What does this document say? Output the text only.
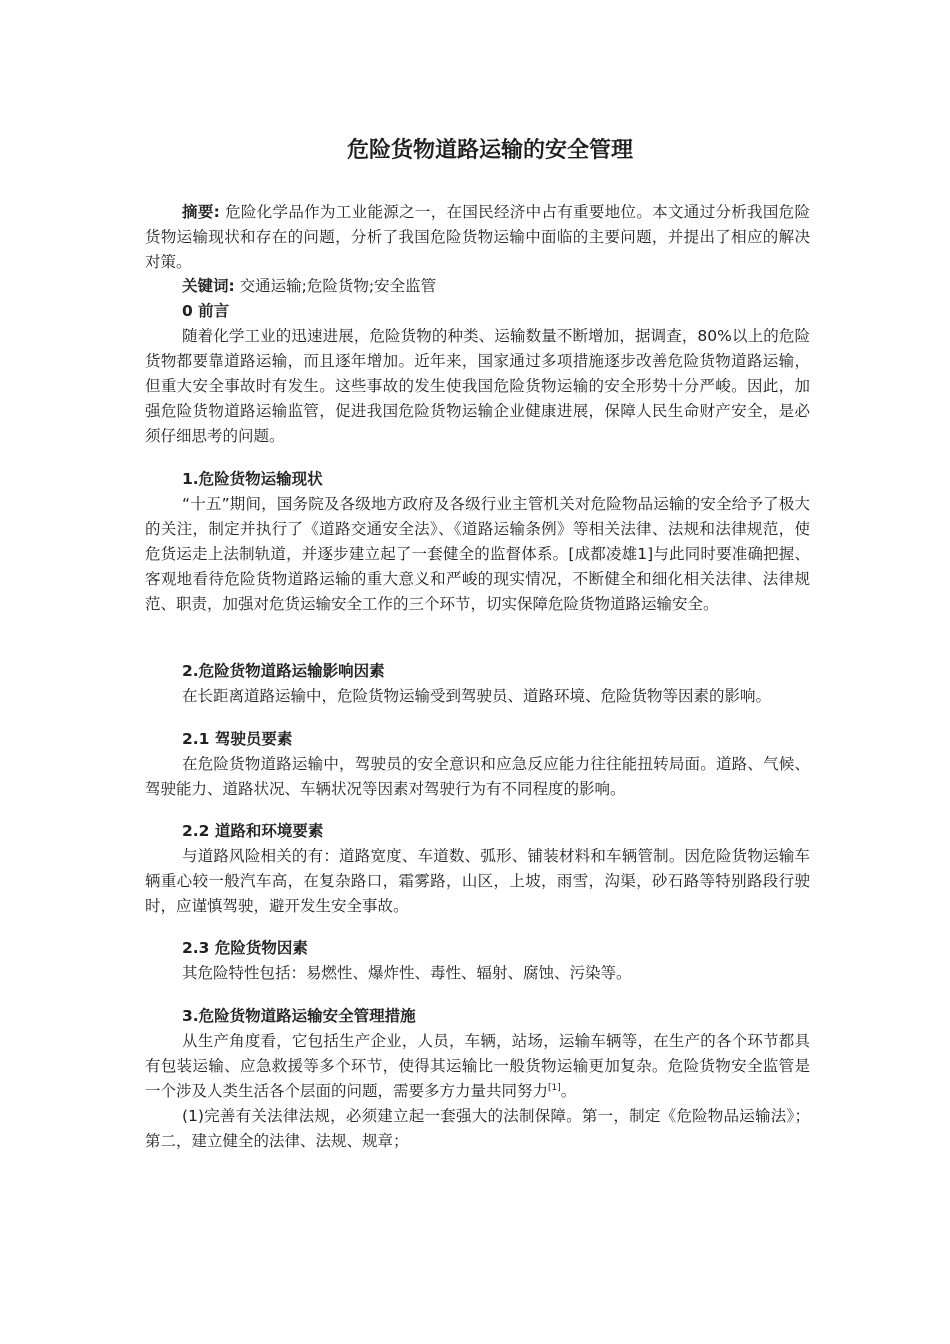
危险货物道路运输的安全管理
摘要: 危险化学品作为工业能源之一，在国民经济中占有重要地位。本文通过分析我国危险货物运输现状和存在的问题，分析了我国危险货物运输中面临的主要问题，并提出了相应的解决对策。
关键词: 交通运输;危险货物;安全监管
0 前言
随着化学工业的迅速进展，危险货物的种类、运输数量不断增加，据调查，80%以上的危险货物都要靠道路运输，而且逐年增加。近年来，国家通过多项措施逐步改善危险货物道路运输，但重大安全事故时有发生。这些事故的发生使我国危险货物运输的安全形势十分严峻。因此，加强危险货物道路运输监管，促进我国危险货物运输企业健康进展，保障人民生命财产安全，是必须仔细思考的问题。
1.危险货物运输现状
“十五”期间，国务院及各级地方政府及各级行业主管机关对危险物品运输的安全给予了极大的关注，制定并执行了《道路交通安全法》、《道路运输条例》等相关法律、法规和法律规范，使危货运走上法制轨道，并逐步建立起了一套健全的监督体系。[成都凌雄1]与此同时要准确把握、客观地看待危险货物道路运输的重大意义和严峻的现实情况，不断健全和细化相关法律、法律规范、职责，加强对危货运输安全工作的三个环节，切实保障危险货物道路运输安全。
2.危险货物道路运输影响因素
在长距离道路运输中，危险货物运输受到驾驶员、道路环境、危险货物等因素的影响。
2.1 驾驶员要素
在危险货物道路运输中，驾驶员的安全意识和应急反应能力往往能扭转局面。道路、气候、驾驶能力、道路状况、车辆状况等因素对驾驶行为有不同程度的影响。
2.2 道路和环境要素
与道路风险相关的有：道路宽度、车道数、弧形、铺装材料和车辆管制。因危险货物运输车辆重心较一般汽车高，在复杂路口，霜雾路，山区，上坡，雨雪，沟渠，砂石路等特别路段行驶时，应谨慎驾驶，避开发生安全事故。
2.3 危险货物因素
其危险特性包括：易燃性、爆炸性、毒性、辐射、腐蚀、污染等。
3.危险货物道路运输安全管理措施
从生产角度看，它包括生产企业，人员，车辆，站场，运输车辆等，在生产的各个环节都具有包装运输、应急救援等多个环节，使得其运输比一般货物运输更加复杂。危险货物安全监管是一个涉及人类生活各个层面的问题，需要多方力量共同努力[1]。
(1)完善有关法律法规，必须建立起一套强大的法制保障。第一，制定《危险物品运输法》；第二，建立健全的法律、法规、规章；
